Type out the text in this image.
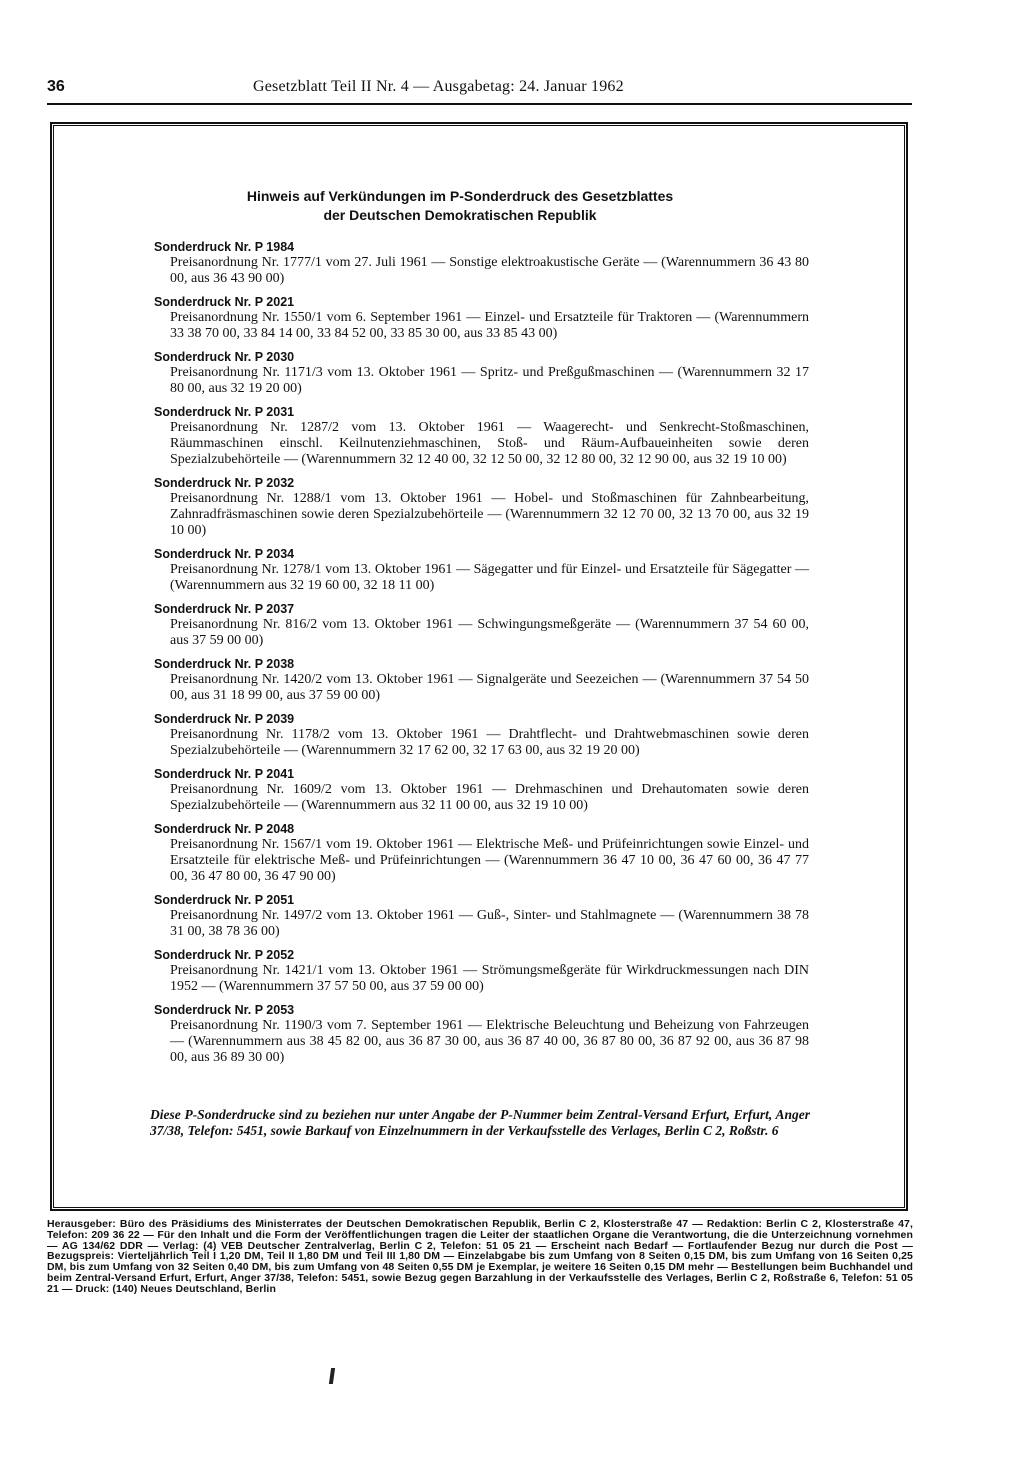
36	Gesetzblatt Teil II Nr. 4 — Ausgabetag: 24. Januar 1962
Hinweis auf Verkündungen im P-Sonderdruck des Gesetzblattes
der Deutschen Demokratischen Republik
Sonderdruck Nr. P 1984
Preisanordnung Nr. 1777/1 vom 27. Juli 1961 — Sonstige elektroakustische Geräte — (Warennummern 36 43 80 00, aus 36 43 90 00)
Sonderdruck Nr. P 2021
Preisanordnung Nr. 1550/1 vom 6. September 1961 — Einzel- und Ersatzteile für Traktoren — (Warennummern 33 38 70 00, 33 84 14 00, 33 84 52 00, 33 85 30 00, aus 33 85 43 00)
Sonderdruck Nr. P 2030
Preisanordnung Nr. 1171/3 vom 13. Oktober 1961 — Spritz- und Preßgußmaschinen — (Warennummern 32 17 80 00, aus 32 19 20 00)
Sonderdruck Nr. P 2031
Preisanordnung Nr. 1287/2 vom 13. Oktober 1961 — Waagerecht- und Senkrecht-Stoßmaschinen, Räummaschinen einschl. Keilnutenziehmaschinen, Stoß- und Räum-Aufbaueinheiten sowie deren Spezialzubehörteile — (Warennummern 32 12 40 00, 32 12 50 00, 32 12 80 00, 32 12 90 00, aus 32 19 10 00)
Sonderdruck Nr. P 2032
Preisanordnung Nr. 1288/1 vom 13. Oktober 1961 — Hobel- und Stoßmaschinen für Zahnbearbeitung, Zahnradfräsmaschinen sowie deren Spezialzubehörteile — (Warennummern 32 12 70 00, 32 13 70 00, aus 32 19 10 00)
Sonderdruck Nr. P 2034
Preisanordnung Nr. 1278/1 vom 13. Oktober 1961 — Sägegatter und für Einzel- und Ersatzteile für Sägegatter — (Warennummern aus 32 19 60 00, 32 18 11 00)
Sonderdruck Nr. P 2037
Preisanordnung Nr. 816/2 vom 13. Oktober 1961 — Schwingungsmeßgeräte — (Warennummern 37 54 60 00, aus 37 59 00 00)
Sonderdruck Nr. P 2038
Preisanordnung Nr. 1420/2 vom 13. Oktober 1961 — Signalgeräte und Seezeichen — (Warennummern 37 54 50 00, aus 31 18 99 00, aus 37 59 00 00)
Sonderdruck Nr. P 2039
Preisanordnung Nr. 1178/2 vom 13. Oktober 1961 — Drahtflecht- und Drahtwebmaschinen sowie deren Spezialzubehörteile — (Warennummern 32 17 62 00, 32 17 63 00, aus 32 19 20 00)
Sonderdruck Nr. P 2041
Preisanordnung Nr. 1609/2 vom 13. Oktober 1961 — Drehmaschinen und Drehautomaten sowie deren Spezialzubehörteile — (Warennummern aus 32 11 00 00, aus 32 19 10 00)
Sonderdruck Nr. P 2048
Preisanordnung Nr. 1567/1 vom 19. Oktober 1961 — Elektrische Meß- und Prüfeinrichtungen sowie Einzel- und Ersatzteile für elektrische Meß- und Prüfeinrichtungen — (Warennummern 36 47 10 00, 36 47 60 00, 36 47 77 00, 36 47 80 00, 36 47 90 00)
Sonderdruck Nr. P 2051
Preisanordnung Nr. 1497/2 vom 13. Oktober 1961 — Guß-, Sinter- und Stahlmagnete — (Warennummern 38 78 31 00, 38 78 36 00)
Sonderdruck Nr. P 2052
Preisanordnung Nr. 1421/1 vom 13. Oktober 1961 — Strömungsmeßgeräte für Wirkdruckmessungen nach DIN 1952 — (Warennummern 37 57 50 00, aus 37 59 00 00)
Sonderdruck Nr. P 2053
Preisanordnung Nr. 1190/3 vom 7. September 1961 — Elektrische Beleuchtung und Beheizung von Fahrzeugen — (Warennummern aus 38 45 82 00, aus 36 87 30 00, aus 36 87 40 00, 36 87 80 00, 36 87 92 00, aus 36 87 98 00, aus 36 89 30 00)
Diese P-Sonderdrucke sind zu beziehen nur unter Angabe der P-Nummer beim Zentral-Versand Erfurt, Erfurt, Anger 37/38, Telefon: 5451, sowie Barkauf von Einzelnummern in der Verkaufsstelle des Verlages, Berlin C 2, Roßstr. 6
Herausgeber: Büro des Präsidiums des Ministerrates der Deutschen Demokratischen Republik, Berlin C 2, Klosterstraße 47 — Redaktion: Berlin C 2, Klosterstraße 47, Telefon: 209 36 22 — Für den Inhalt und die Form der Veröffentlichungen tragen die Leiter der staatlichen Organe die Verantwortung, die die Unterzeichnung vornehmen — AG 134/62 DDR — Verlag: (4) VEB Deutscher Zentralverlag, Berlin C 2, Telefon: 51 05 21 — Erscheint nach Bedarf — Fortlaufender Bezug nur durch die Post — Bezugspreis: Vierteljährlich Teil I 1,20 DM, Teil II 1,80 DM und Teil III 1,80 DM — Einzelabgabe bis zum Umfang von 8 Seiten 0,15 DM, bis zum Umfang von 16 Seiten 0,25 DM, bis zum Umfang von 32 Seiten 0,40 DM, bis zum Umfang von 48 Seiten 0,55 DM je Exemplar, je weitere 16 Seiten 0,15 DM mehr — Bestellungen beim Buchhandel und beim Zentral-Versand Erfurt, Erfurt, Anger 37/38, Telefon: 5451, sowie Bezug gegen Barzahlung in der Verkaufsstelle des Verlages, Berlin C 2, Roßstraße 6, Telefon: 51 05 21 — Druck: (140) Neues Deutschland, Berlin
